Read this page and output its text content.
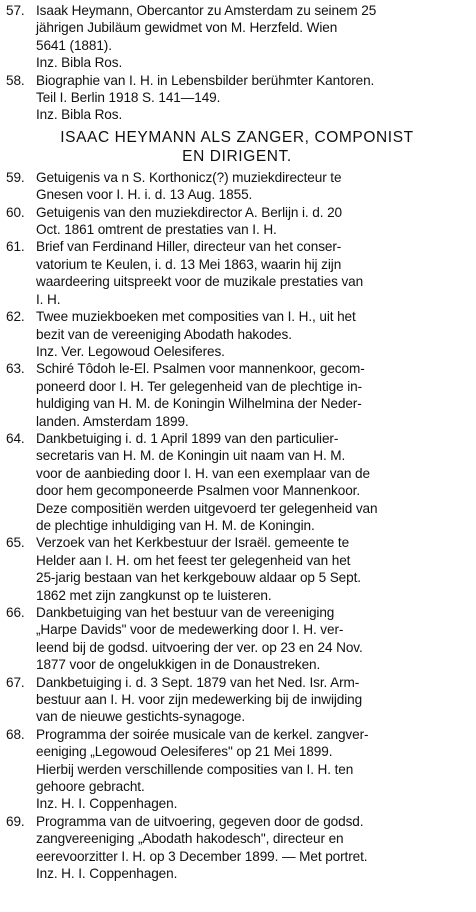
57. Isaak Heymann, Obercantor zu Amsterdam zu seinem 25
jährigen Jubiläum gewidmet von M. Herzfeld. Wien
5641 (1881).
Inz. Bibla Ros.
58. Biographie van I. H. in Lebensbilder berühmter Kantoren.
Teil I. Berlin 1918 S. 141—149.
Inz. Bibla Ros.
ISAAC HEYMANN ALS ZANGER, COMPONIST
EN DIRIGENT.
59. Getuigenis va n S. Korthonicz(?) muziekdirecteur te
Gnesen voor I. H. i. d. 13 Aug. 1855.
60. Getuigenis van den muziekdirector A. Berlijn i. d. 20
Oct. 1861 omtrent de prestaties van I. H.
61. Brief van Ferdinand Hiller, directeur van het conser-
vatorium te Keulen, i. d. 13 Mei 1863, waarin hij zijn
waardeering uitspreekt voor de muzikale prestaties van
I. H.
62. Twee muziekboeken met composities van I. H., uit het
bezit van de vereeniging Abodath hakodes.
Inz. Ver. Legowoud Oelesiferes.
63. Schiré Tôdoh le-El. Psalmen voor mannenkoor, gecom-
poneerd door I. H. Ter gelegenheid van de plechtige in-
huldiging van H. M. de Koningin Wilhelmina der Neder-
landen. Amsterdam 1899.
64. Dankbetuiging i. d. 1 April 1899 van den particulier-
secretaris van H. M. de Koningin uit naam van H. M.
voor de aanbieding door I. H. van een exemplaar van de
door hem gecomponeerde Psalmen voor Mannenkoor.
Deze compositiën werden uitgevoerd ter gelegenheid van
de plechtige inhuldiging van H. M. de Koningin.
65. Verzoek van het Kerkbestuur der Israël. gemeente te
Helder aan I. H. om het feest ter gelegenheid van het
25-jarig bestaan van het kerkgebouw aldaar op 5 Sept.
1862 met zijn zangkunst op te luisteren.
66. Dankbetuiging van het bestuur van de vereeniging
„Harpe Davids" voor de medewerking door I. H. ver-
leend bij de godsd. uitvoering der ver. op 23 en 24 Nov.
1877 voor de ongelukkigen in de Donaustreken.
67. Dankbetuiging i. d. 3 Sept. 1879 van het Ned. Isr. Arm-
bestuur aan I. H. voor zijn medewerking bij de inwijding
van de nieuwe gestichts-synagoge.
68. Programma der soirée musicale van de kerkel. zangver-
eeniging „Legowoud Oelesiferes" op 21 Mei 1899.
Hierbij werden verschillende composities van I. H. ten
gehoore gebracht.
Inz. H. I. Coppenhagen.
69. Programma van de uitvoering, gegeven door de godsd.
zangvereeniging „Abodath hakodesch", directeur en
eerevoorzitter I. H. op 3 December 1899. — Met portret.
Inz. H. I. Coppenhagen.
